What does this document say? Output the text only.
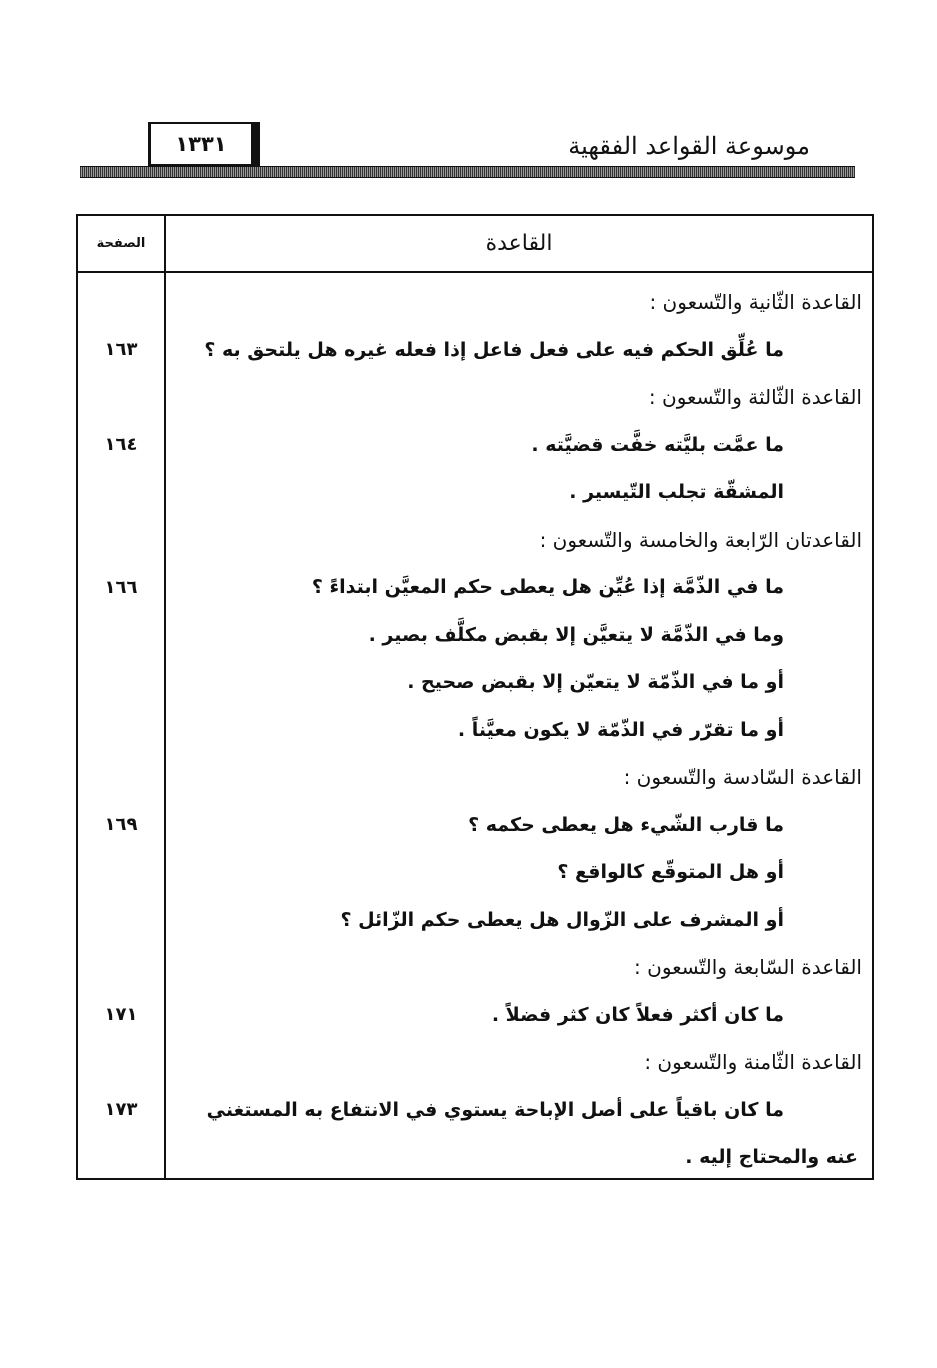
موسوعة القواعد الفقهية
١٣٣١
الصفحة	القاعدة
القاعدة الثّانية والتّسعون :
ما عُلِّق الحكم فيه على فعل فاعل إذا فعله غيره هل يلتحق به ؟
١٦٣
القاعدة الثّالثة والتّسعون :
ما عمَّت بليَّته خفَّت قضيَّته .
١٦٤
المشقّة تجلب التّيسير .
القاعدتان الرّابعة والخامسة والتّسعون :
ما في الذّمَّة إذا عُيِّن هل يعطى حكم المعيَّن ابتداءً ؟
١٦٦
وما في الذّمَّة لا يتعيَّن إلا بقبض مكلَّف بصير .
أو ما في الذّمّة لا يتعيّن إلا بقبض صحيح .
أو ما تقرّر في الذّمّة لا يكون معيَّناً .
القاعدة السّادسة والتّسعون :
ما قارب الشّيء هل يعطى حكمه ؟
١٦٩
أو هل المتوقّع كالواقع ؟
أو المشرف على الزّوال هل يعطى حكم الزّائل ؟
القاعدة السّابعة والتّسعون :
ما كان أكثر فعلاً كان كثر فضلاً .
١٧١
القاعدة الثّامنة والتّسعون :
ما كان باقياً على أصل الإباحة يستوي في الانتفاع به المستغني
١٧٣
عنه والمحتاج إليه .
